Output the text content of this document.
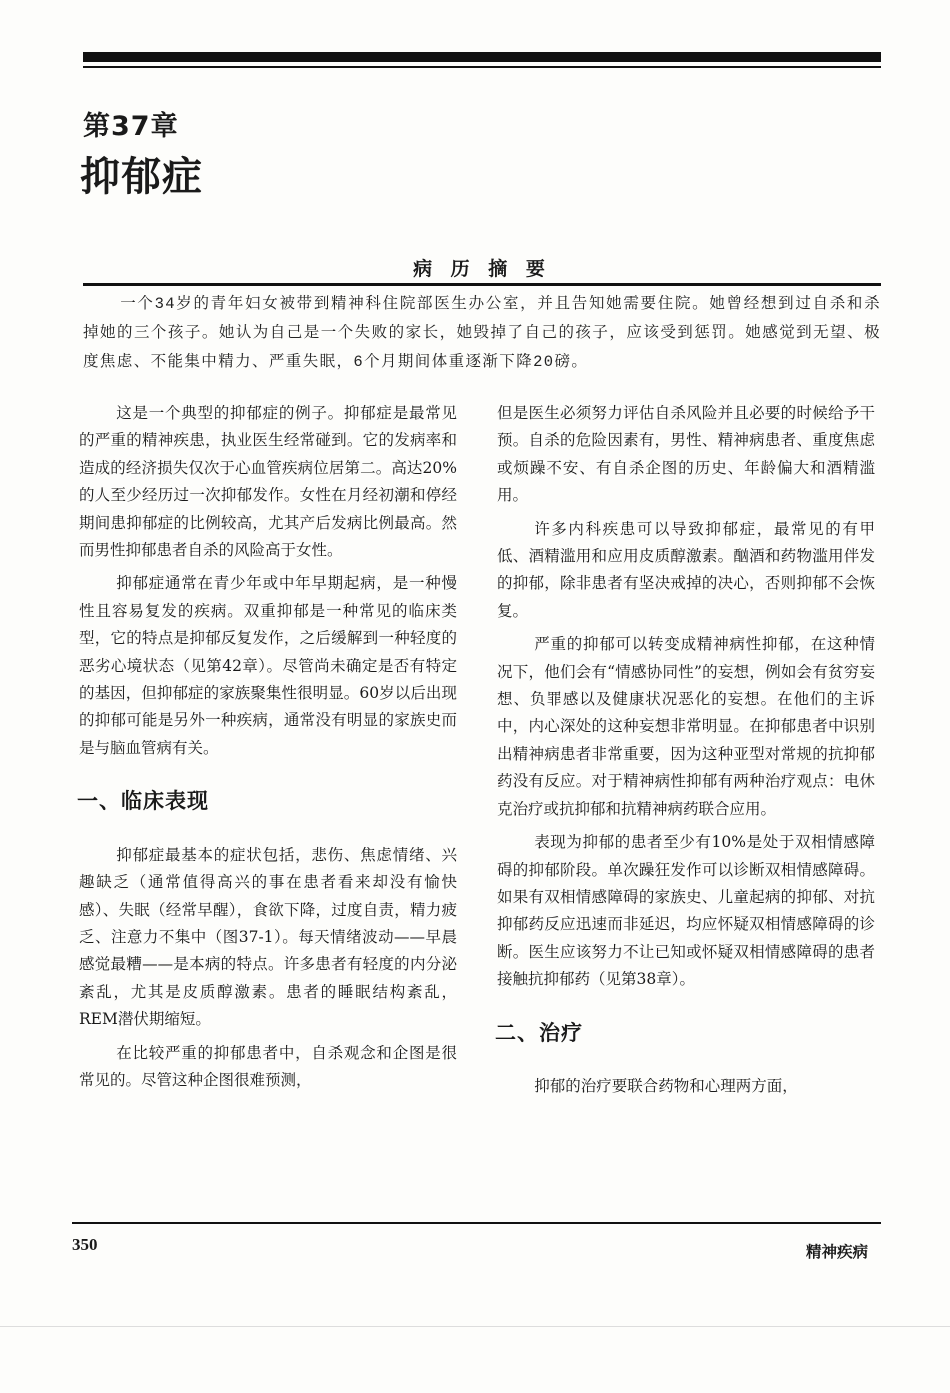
第37章
抑郁症
病 历 摘 要

一个34岁的青年妇女被带到精神科住院部医生办公室，并且告知她需要住院。她曾经想到过自杀和杀掉她的三个孩子。她认为自己是一个失败的家长，她毁掉了自己的孩子，应该受到惩罚。她感觉到无望、极度焦虑、不能集中精力、严重失眠，6个月期间体重逐渐下降20磅。

这是一个典型的抑郁症的例子。抑郁症是最常见的严重的精神疾患，执业医生经常碰到。它的发病率和造成的经济损失仅次于心血管疾病位居第二。高达20%的人至少经历过一次抑郁发作。女性在月经初潮和停经期间患抑郁症的比例较高，尤其产后发病比例最高。然而男性抑郁患者自杀的风险高于女性。

抑郁症通常在青少年或中年早期起病，是一种慢性且容易复发的疾病。双重抑郁是一种常见的临床类型，它的特点是抑郁反复发作，之后缓解到一种轻度的恶劣心境状态（见第42章）。尽管尚未确定是否有特定的基因，但抑郁症的家族聚集性很明显。60岁以后出现的抑郁可能是另外一种疾病，通常没有明显的家族史而是与脑血管病有关。

一、临床表现

抑郁症最基本的症状包括，悲伤、焦虑情绪、兴趣缺乏（通常值得高兴的事在患者看来却没有愉快感）、失眠（经常早醒），食欲下降，过度自责，精力疲乏、注意力不集中（图37-1）。每天情绪波动——早晨感觉最糟——是本病的特点。许多患者有轻度的内分泌紊乱，尤其是皮质醇激素。患者的睡眠结构紊乱，REM潜伏期缩短。

在比较严重的抑郁患者中，自杀观念和企图是很常见的。尽管这种企图很难预测，

但是医生必须努力评估自杀风险并且必要的时候给予干预。自杀的危险因素有，男性、精神病患者、重度焦虑或烦躁不安、有自杀企图的历史、年龄偏大和酒精滥用。

许多内科疾患可以导致抑郁症，最常见的有甲低、酒精滥用和应用皮质醇激素。酗酒和药物滥用伴发的抑郁，除非患者有坚决戒掉的决心，否则抑郁不会恢复。

严重的抑郁可以转变成精神病性抑郁，在这种情况下，他们会有“情感协同性”的妄想，例如会有贫穷妄想、负罪感以及健康状况恶化的妄想。在他们的主诉中，内心深处的这种妄想非常明显。在抑郁患者中识别出精神病患者非常重要，因为这种亚型对常规的抗抑郁药没有反应。对于精神病性抑郁有两种治疗观点：电休克治疗或抗抑郁和抗精神病药联合应用。

表现为抑郁的患者至少有10%是处于双相情感障碍的抑郁阶段。单次躁狂发作可以诊断双相情感障碍。如果有双相情感障碍的家族史、儿童起病的抑郁、对抗抑郁药反应迅速而非延迟，均应怀疑双相情感障碍的诊断。医生应该努力不让已知或怀疑双相情感障碍的患者接触抗抑郁药（见第38章）。

二、治疗

抑郁的治疗要联合药物和心理两方面，

350	精神疾病
